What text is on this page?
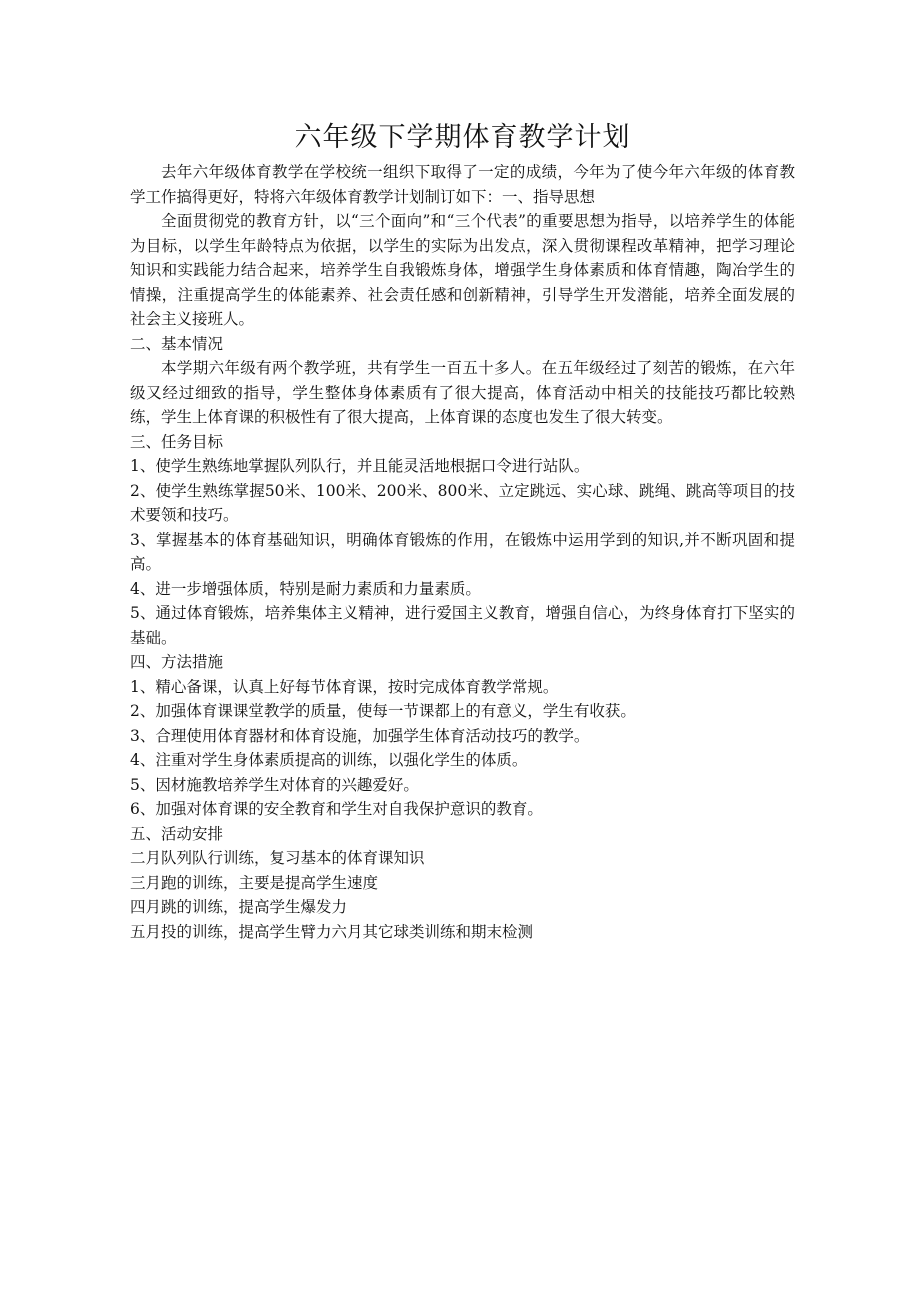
六年级下学期体育教学计划

去年六年级体育教学在学校统一组织下取得了一定的成绩，今年为了使今年六年级的体育教学工作搞得更好，特将六年级体育教学计划制订如下：一、指导思想

全面贯彻党的教育方针，以“三个面向”和“三个代表”的重要思想为指导，以培养学生的体能为目标，以学生年龄特点为依据，以学生的实际为出发点，深入贯彻课程改革精神，把学习理论知识和实践能力结合起来，培养学生自我锻炼身体，增强学生身体素质和体育情趣，陶冶学生的情操，注重提高学生的体能素养、社会责任感和创新精神，引导学生开发潜能，培养全面发展的社会主义接班人。

二、基本情况

本学期六年级有两个教学班，共有学生一百五十多人。在五年级经过了刻苦的锻炼，在六年级又经过细致的指导，学生整体身体素质有了很大提高，体育活动中相关的技能技巧都比较熟练，学生上体育课的积极性有了很大提高，上体育课的态度也发生了很大转变。

三、任务目标

1、使学生熟练地掌握队列队行，并且能灵活地根据口令进行站队。

2、使学生熟练掌握50米、100米、200米、800米、立定跳远、实心球、跳绳、跳高等项目的技术要领和技巧。

3、掌握基本的体育基础知识，明确体育锻炼的作用，在锻炼中运用学到的知识,并不断巩固和提高。

4、进一步增强体质，特别是耐力素质和力量素质。

5、通过体育锻炼，培养集体主义精神，进行爱国主义教育，增强自信心，为终身体育打下坚实的基础。

四、方法措施

1、精心备课，认真上好每节体育课，按时完成体育教学常规。

2、加强体育课课堂教学的质量，使每一节课都上的有意义，学生有收获。

3、合理使用体育器材和体育设施，加强学生体育活动技巧的教学。

4、注重对学生身体素质提高的训练，以强化学生的体质。

5、因材施教培养学生对体育的兴趣爱好。

6、加强对体育课的安全教育和学生对自我保护意识的教育。

五、活动安排

二月队列队行训练，复习基本的体育课知识

三月跑的训练，主要是提高学生速度

四月跳的训练，提高学生爆发力

五月投的训练，提高学生臂力六月其它球类训练和期末检测
